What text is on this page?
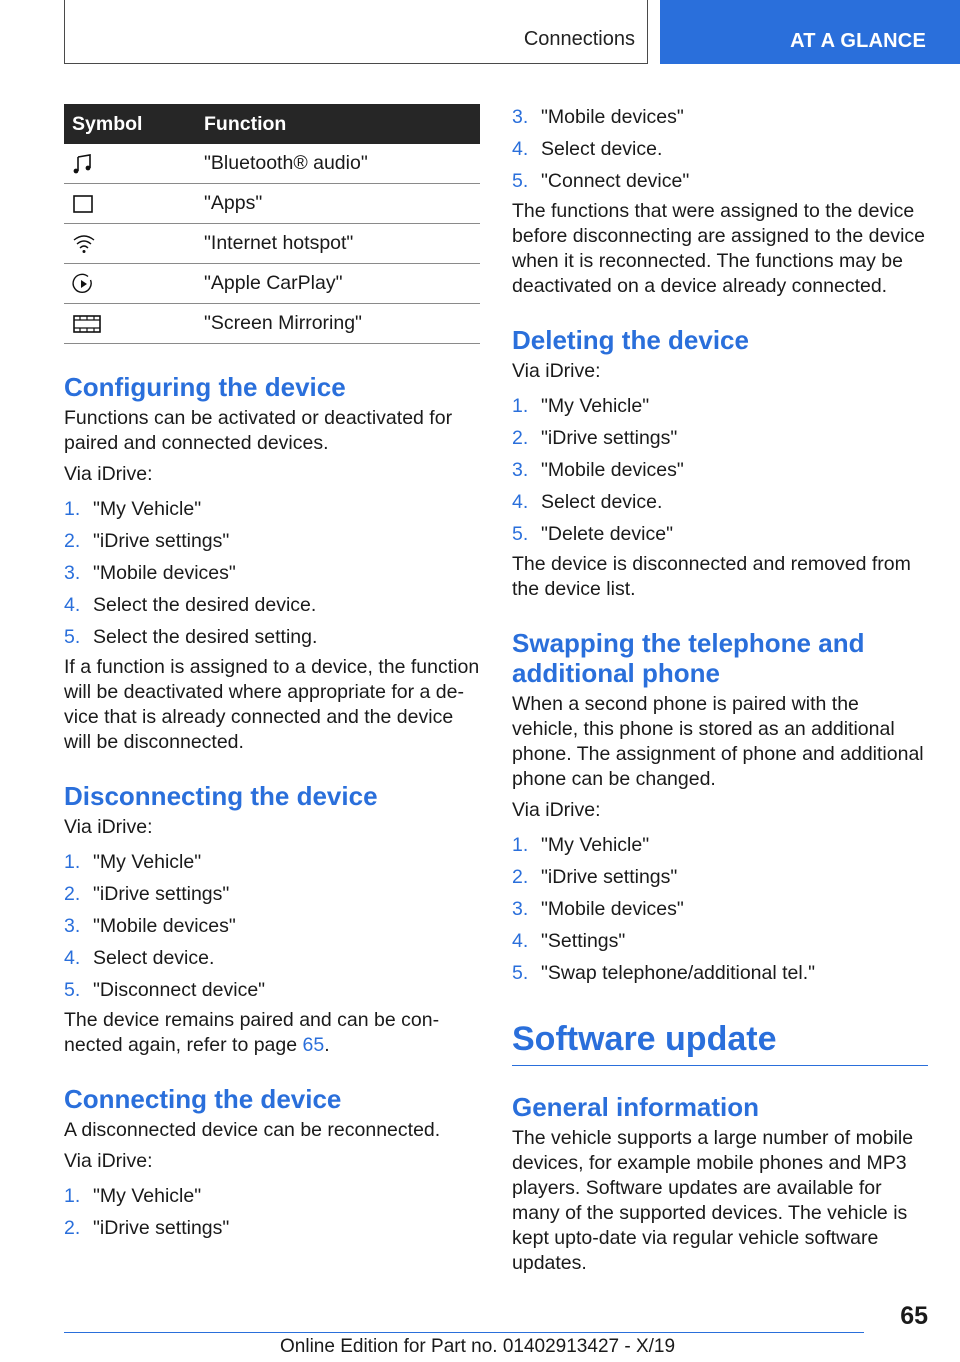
Connections	AT A GLANCE
Symbol	Function

	"Bluetooth® audio"

	"Apps"

	"Internet hotspot"

	"Apple CarPlay"

	"Screen Mirroring"
Configuring the device

Functions can be activated or deactivated for paired and connected devices.

Via iDrive:

1. "My Vehicle"
2. "iDrive settings"
3. "Mobile devices"
4. Select the desired device.
5. Select the desired setting.

If a function is assigned to a device, the function will be deactivated where appropriate for a device that is already connected and the device will be disconnected.

Disconnecting the device

Via iDrive:

1. "My Vehicle"
2. "iDrive settings"
3. "Mobile devices"
4. Select device.
5. "Disconnect device"

The device remains paired and can be connected again, refer to page 65.

Connecting the device

A disconnected device can be reconnected.

Via iDrive:

1. "My Vehicle"
2. "iDrive settings"
3. "Mobile devices"
4. Select device.
5. "Connect device"

The functions that were assigned to the device before disconnecting are assigned to the device when it is reconnected. The functions may be deactivated on a device already connected.

Deleting the device

Via iDrive:

1. "My Vehicle"
2. "iDrive settings"
3. "Mobile devices"
4. Select device.
5. "Delete device"

The device is disconnected and removed from the device list.

Swapping the telephone and additional phone

When a second phone is paired with the vehicle, this phone is stored as an additional phone. The assignment of phone and additional phone can be changed.

Via iDrive:

1. "My Vehicle"
2. "iDrive settings"
3. "Mobile devices"
4. "Settings"
5. "Swap telephone/additional tel."
Software update
General information

The vehicle supports a large number of mobile devices, for example mobile phones and MP3 players. Software updates are available for many of the supported devices. The vehicle is kept upto-date via regular vehicle software updates.

65
Online Edition for Part no. 01402913427 - X/19
